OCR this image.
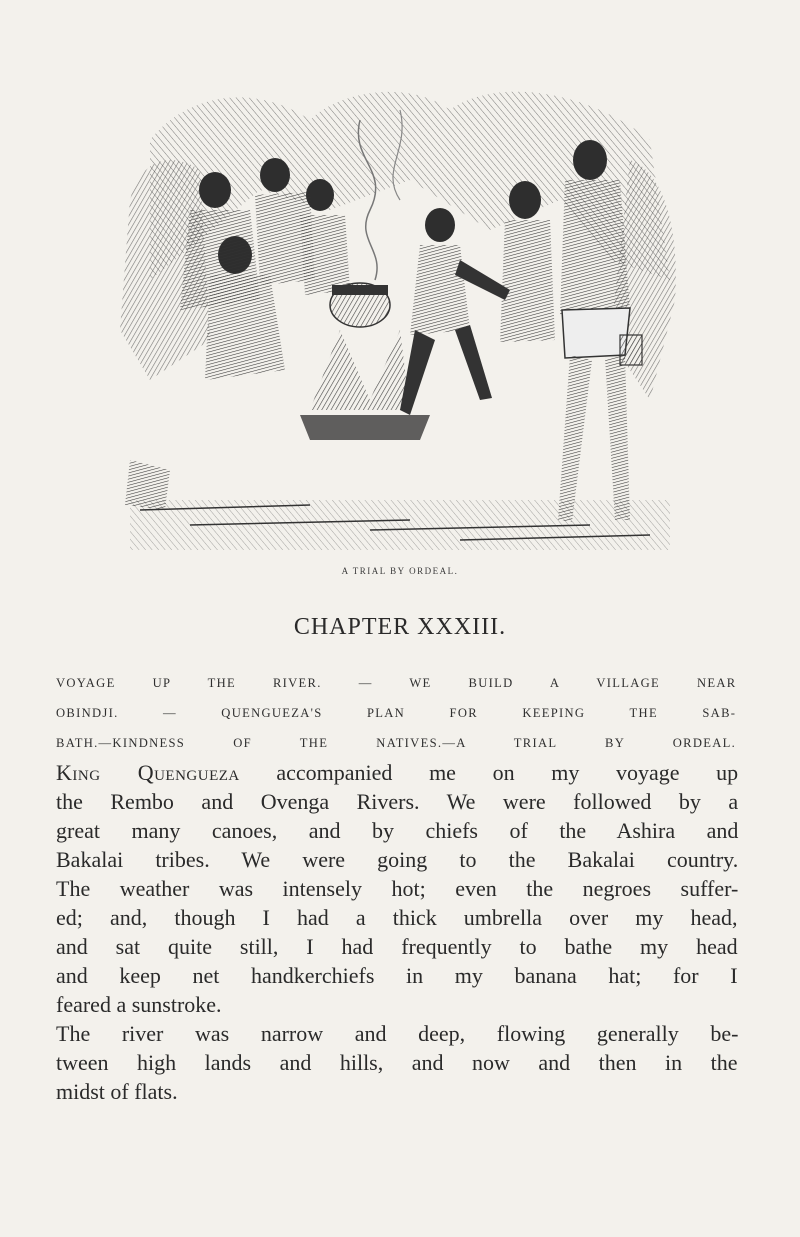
A TRIAL BY ORDEAL.
CHAPTER XXXIII.
VOYAGE UP THE RIVER. — WE BUILD A VILLAGE NEAR
OBINDJI. — QUENGUEZA'S PLAN FOR KEEPING THE SAB-
BATH.—KINDNESS OF THE NATIVES.—A TRIAL BY ORDEAL.

King Quengueza accompanied me on my voyage up
the Rembo and Ovenga Rivers. We were followed by a
great many canoes, and by chiefs of the Ashira and
Bakalai tribes. We were going to the Bakalai country.
The weather was intensely hot; even the negroes suffer-
ed; and, though I had a thick umbrella over my head,
and sat quite still, I had frequently to bathe my head
and keep net handkerchiefs in my banana hat; for I
feared a sunstroke.

The river was narrow and deep, flowing generally be-
tween high lands and hills, and now and then in the
midst of flats.
